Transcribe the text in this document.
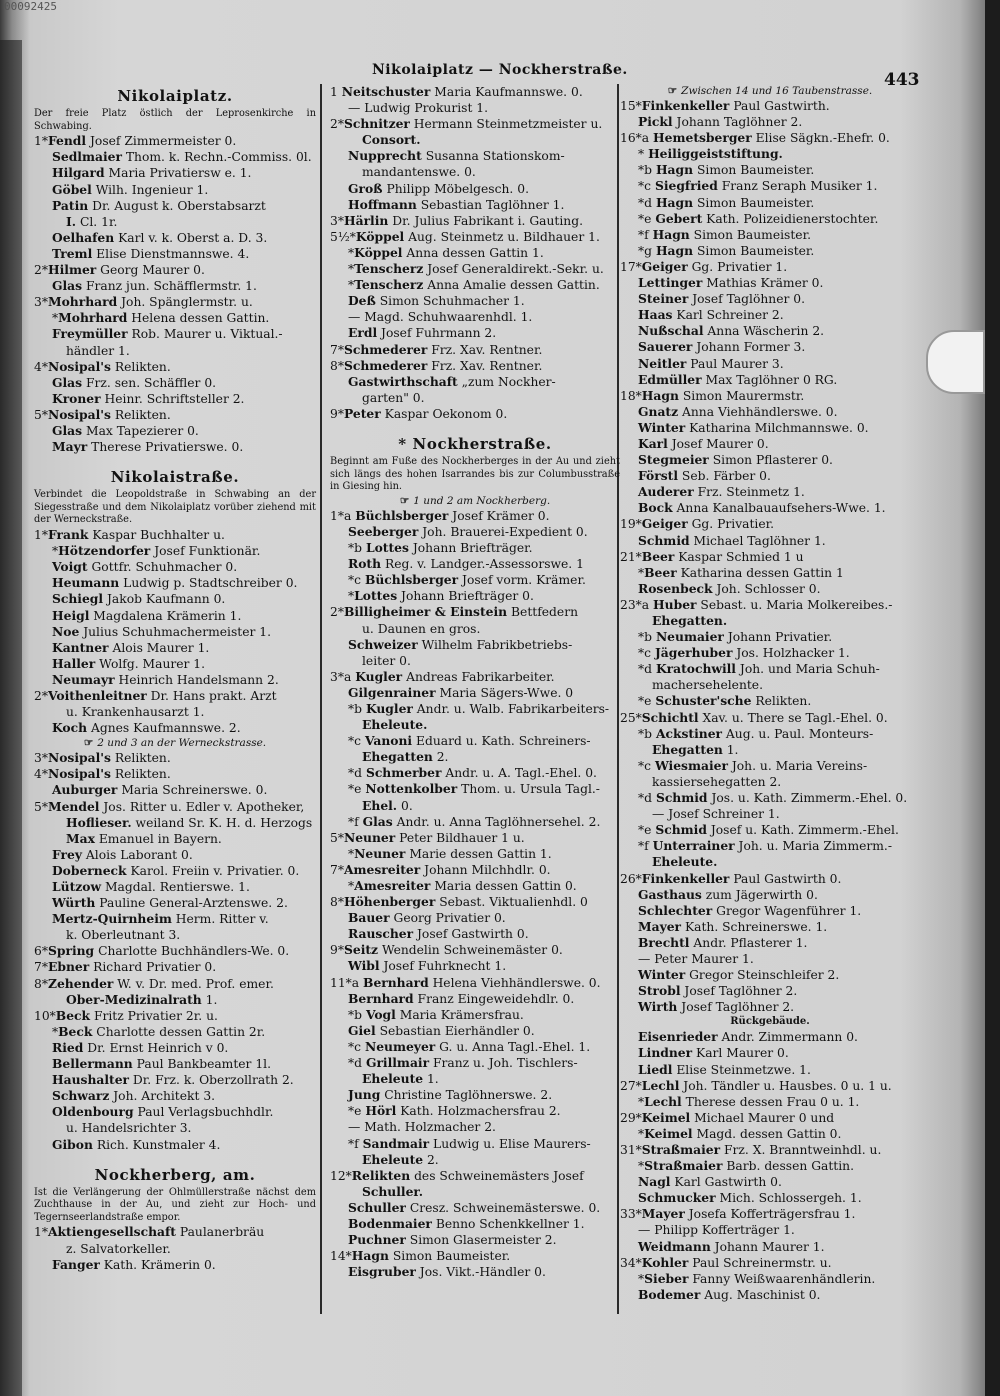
00092425
Nikolaiplatz — Nockherstraße.	443
Nikolaiplatz.
Der freie Platz östlich der Leprosenkirche in Schwabing.
1*Fendl Josef Zimmermeister 0.
Sedlmaier Thom. k. Rechn.-Commiss. 0l.
Hilgard Maria Privatiersw e. 1.
Göbel Wilh. Ingenieur 1.
Patin Dr. August k. Oberstabsarzt
I. Cl. 1r.
Oelhafen Karl v. k. Oberst a. D. 3.
Treml Elise Dienstmannswe. 4.
2*Hilmer Georg Maurer 0.
Glas Franz jun. Schäfflermstr. 1.
3*Mohrhard Joh. Spänglermstr. u.
*Mohrhard Helena dessen Gattin.
Freymüller Rob. Maurer u. Viktual.-
händler 1.
4*Nosipal's Relikten.
Glas Frz. sen. Schäffler 0.
Kroner Heinr. Schriftsteller 2.
5*Nosipal's Relikten.
Glas Max Tapezierer 0.
Mayr Therese Privatierswe. 0.
Nikolaistraße.
Verbindet die Leopoldstraße in Schwabing an der Siegesstraße und dem Nikolaiplatz vorüber ziehend mit der Werneckstraße.
1*Frank Kaspar Buchhalter u.
*Hötzendorfer Josef Funktionär.
Voigt Gottfr. Schuhmacher 0.
Heumann Ludwig p. Stadtschreiber 0.
Schiegl Jakob Kaufmann 0.
Heigl Magdalena Krämerin 1.
Noe Julius Schuhmachermeister 1.
Kantner Alois Maurer 1.
Haller Wolfg. Maurer 1.
Neumayr Heinrich Handelsmann 2.
2*Voithenleitner Dr. Hans prakt. Arzt
u. Krankenhausarzt 1.
Koch Agnes Kaufmannswe. 2.
☞ 2 und 3 an der Werneckstrasse.
3*Nosipal's Relikten.
4*Nosipal's Relikten.
Auburger Maria Schreinerswe. 0.
5*Mendel Jos. Ritter u. Edler v. Apotheker,
Hoflieser. weiland Sr. K. H. d. Herzogs
Max Emanuel in Bayern.
Frey Alois Laborant 0.
Doberneck Karol. Freiin v. Privatier. 0.
Lützow Magdal. Rentierswe. 1.
Würth Pauline General-Arztenswe. 2.
Mertz-Quirnheim Herm. Ritter v.
k. Oberleutnant 3.
6*Spring Charlotte Buchhändlers-We. 0.
7*Ebner Richard Privatier 0.
8*Zehender W. v. Dr. med. Prof. emer.
Ober-Medizinalrath 1.
10*Beck Fritz Privatier 2r. u.
*Beck Charlotte dessen Gattin 2r.
Ried Dr. Ernst Heinrich v 0.
Bellermann Paul Bankbeamter 1l.
Haushalter Dr. Frz. k. Oberzollrath 2.
Schwarz Joh. Architekt 3.
Oldenbourg Paul Verlagsbuchhdlr.
u. Handelsrichter 3.
Gibon Rich. Kunstmaler 4.
Nockherberg, am.
Ist die Verlängerung der Ohlmüllerstraße nächst dem Zuchthause in der Au, und zieht zur Hoch- und Tegernseerlandstraße empor.
1*Aktiengesellschaft Paulanerbräu
z. Salvatorkeller.
Fanger Kath. Krämerin 0.
1 Neitschuster Maria Kaufmannswe. 0.
— Ludwig Prokurist 1.
2*Schnitzer Hermann Steinmetzmeister u.
Consort.
Nupprecht Susanna Stationskom-
mandantenswe. 0.
Groß Philipp Möbelgesch. 0.
Hoffmann Sebastian Taglöhner 1.
3*Härlin Dr. Julius Fabrikant i. Gauting.
5½*Köppel Aug. Steinmetz u. Bildhauer 1.
*Köppel Anna dessen Gattin 1.
*Tenscherz Josef Generaldirekt.-Sekr. u.
*Tenscherz Anna Amalie dessen Gattin.
Deß Simon Schuhmacher 1.
— Magd. Schuhwaarenhdl. 1.
Erdl Josef Fuhrmann 2.
7*Schmederer Frz. Xav. Rentner.
8*Schmederer Frz. Xav. Rentner.
Gastwirthschaft „zum Nockher-
garten" 0.
9*Peter Kaspar Oekonom 0.
* Nockherstraße.
Beginnt am Fuße des Nockherberges in der Au und zieht sich längs des hohen Isarrandes bis zur Columbusstraße in Giesing hin.
☞ 1 und 2 am Nockherberg.
1*a Büchlsberger Josef Krämer 0.
Seeberger Joh. Brauerei-Expedient 0.
*b Lottes Johann Briefträger.
Roth Reg. v. Landger.-Assessorswe. 1
*c Büchlsberger Josef vorm. Krämer.
*Lottes Johann Briefträger 0.
2*Billigheimer & Einstein Bettfedern
u. Daunen en gros.
Schweizer Wilhelm Fabrikbetriebs-
leiter 0.
3*a Kugler Andreas Fabrikarbeiter.
Gilgenrainer Maria Sägers-Wwe. 0
*b Kugler Andr. u. Walb. Fabrikarbeiters-
Eheleute.
*c Vanoni Eduard u. Kath. Schreiners-
Ehegatten 2.
*d Schmerber Andr. u. A. Tagl.-Ehel. 0.
*e Nottenkolber Thom. u. Ursula Tagl.-
Ehel. 0.
*f Glas Andr. u. Anna Taglöhnersehel. 2.
5*Neuner Peter Bildhauer 1 u.
*Neuner Marie dessen Gattin 1.
7*Amesreiter Johann Milchhdlr. 0.
*Amesreiter Maria dessen Gattin 0.
8*Höhenberger Sebast. Viktualienhdl. 0
Bauer Georg Privatier 0.
Rauscher Josef Gastwirth 0.
9*Seitz Wendelin Schweinemäster 0.
Wibl Josef Fuhrknecht 1.
11*a Bernhard Helena Viehhändlerswe. 0.
Bernhard Franz Eingeweidehdlr. 0.
*b Vogl Maria Krämersfrau.
Giel Sebastian Eierhändler 0.
*c Neumeyer G. u. Anna Tagl.-Ehel. 1.
*d Grillmair Franz u. Joh. Tischlers-
Eheleute 1.
Jung Christine Taglöhnerswe. 2.
*e Hörl Kath. Holzmachersfrau 2.
— Math. Holzmacher 2.
*f Sandmair Ludwig u. Elise Maurers-
Eheleute 2.
12*Relikten des Schweinemästers Josef
Schuller.
Schuller Cresz. Schweinemästerswe. 0.
Bodenmaier Benno Schenkkellner 1.
Puchner Simon Glasermeister 2.
14*Hagn Simon Baumeister.
Eisgruber Jos. Vikt.-Händler 0.
☞ Zwischen 14 und 16 Taubenstrasse.
15*Finkenkeller Paul Gastwirth.
Pickl Johann Taglöhner 2.
16*a Hemetsberger Elise Sägkn.-Ehefr. 0.
* Heiliggeiststiftung.
*b Hagn Simon Baumeister.
*c Siegfried Franz Seraph Musiker 1.
*d Hagn Simon Baumeister.
*e Gebert Kath. Polizeidienerstochter.
*f Hagn Simon Baumeister.
*g Hagn Simon Baumeister.
17*Geiger Gg. Privatier 1.
Lettinger Mathias Krämer 0.
Steiner Josef Taglöhner 0.
Haas Karl Schreiner 2.
Nußschal Anna Wäscherin 2.
Sauerer Johann Former 3.
Neitler Paul Maurer 3.
Edmüller Max Taglöhner 0 RG.
18*Hagn Simon Maurermstr.
Gnatz Anna Viehhändlerswe. 0.
Winter Katharina Milchmannswe. 0.
Karl Josef Maurer 0.
Stegmeier Simon Pflasterer 0.
Förstl Seb. Färber 0.
Auderer Frz. Steinmetz 1.
Bock Anna Kanalbauaufsehers-Wwe. 1.
19*Geiger Gg. Privatier.
Schmid Michael Taglöhner 1.
21*Beer Kaspar Schmied 1 u
*Beer Katharina dessen Gattin 1
Rosenbeck Joh. Schlosser 0.
23*a Huber Sebast. u. Maria Molkereibes.-
Ehegatten.
*b Neumaier Johann Privatier.
*c Jägerhuber Jos. Holzhacker 1.
*d Kratochwill Joh. und Maria Schuh-
machersehelente.
*e Schuster'sche Relikten.
25*Schichtl Xav. u. There se Tagl.-Ehel. 0.
*b Ackstiner Aug. u. Paul. Monteurs-
Ehegatten 1.
*c Wiesmaier Joh. u. Maria Vereins-
kassiersehegatten 2.
*d Schmid Jos. u. Kath. Zimmerm.-Ehel. 0.
— Josef Schreiner 1.
*e Schmid Josef u. Kath. Zimmerm.-Ehel.
*f Unterrainer Joh. u. Maria Zimmerm.-
Eheleute.
26*Finkenkeller Paul Gastwirth 0.
Gasthaus zum Jägerwirth 0.
Schlechter Gregor Wagenführer 1.
Mayer Kath. Schreinerswe. 1.
Brechtl Andr. Pflasterer 1.
— Peter Maurer 1.
Winter Gregor Steinschleifer 2.
Strobl Josef Taglöhner 2.
Wirth Josef Taglöhner 2.
Rückgebäude.
Eisenrieder Andr. Zimmermann 0.
Lindner Karl Maurer 0.
Liedl Elise Steinmetzwe. 1.
27*Lechl Joh. Tändler u. Hausbes. 0 u. 1 u.
*Lechl Therese dessen Frau 0 u. 1.
29*Keimel Michael Maurer 0 und
*Keimel Magd. dessen Gattin 0.
31*Straßmaier Frz. X. Branntweinhdl. u.
*Straßmaier Barb. dessen Gattin.
Nagl Karl Gastwirth 0.
Schmucker Mich. Schlossergeh. 1.
33*Mayer Josefa Kofferträgersfrau 1.
— Philipp Kofferträger 1.
Weidmann Johann Maurer 1.
34*Kohler Paul Schreinermstr. u.
*Sieber Fanny Weißwaarenhändlerin.
Bodemer Aug. Maschinist 0.
